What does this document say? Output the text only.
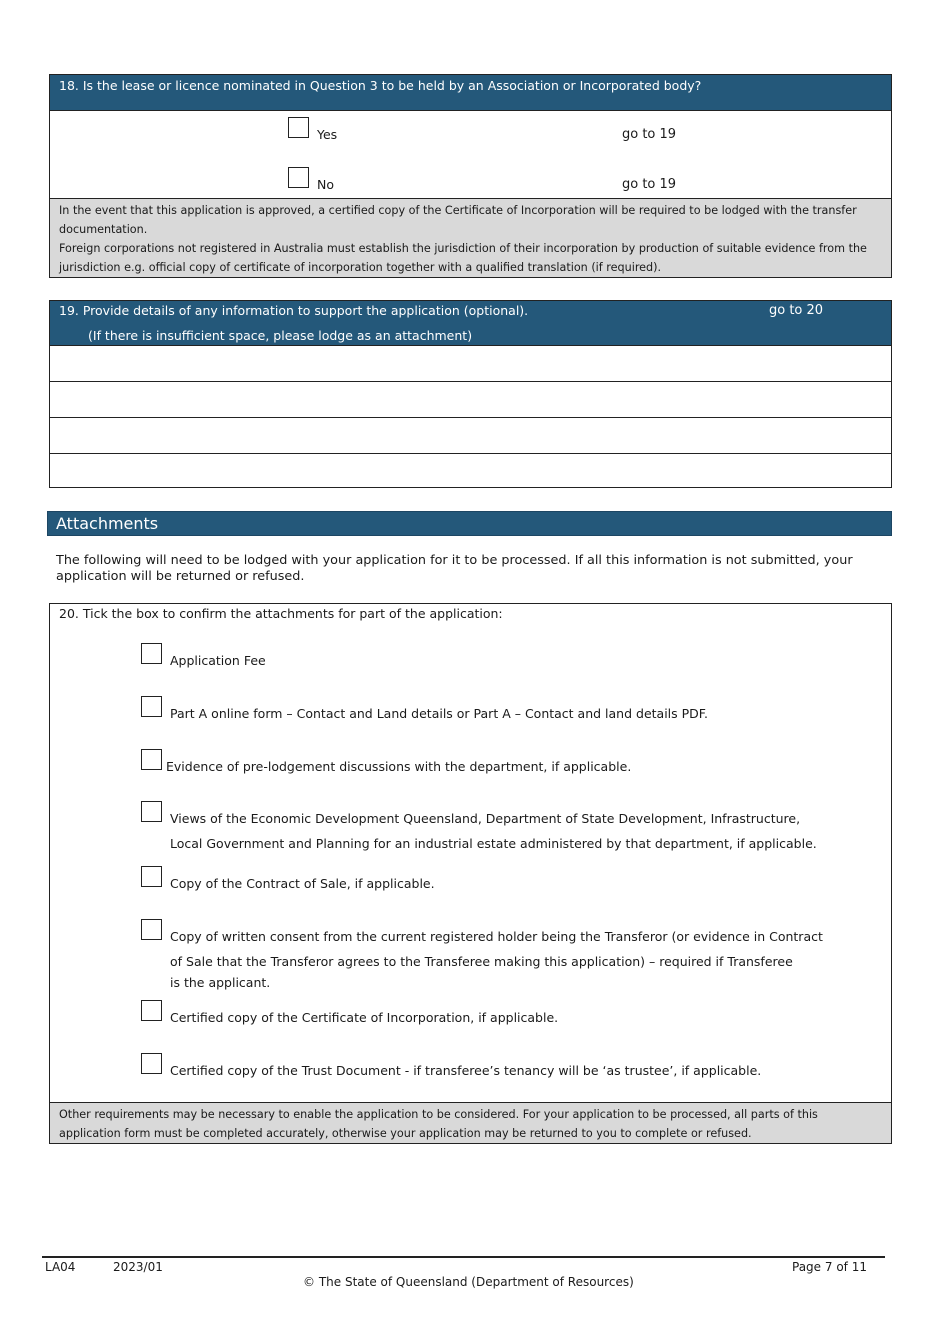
18. Is the lease or licence nominated in Question 3 to be held by an Association or Incorporated body?
Yes	go to 19
No	go to 19
In the event that this application is approved, a certified copy of the Certificate of Incorporation will be required to be lodged with the transfer documentation.
Foreign corporations not registered in Australia must establish the jurisdiction of their incorporation by production of suitable evidence from the jurisdiction e.g. official copy of certificate of incorporation together with a qualified translation (if required).
19. Provide details of any information to support the application (optional).	go to 20
(If there is insufficient space, please lodge as an attachment)
Attachments
The following will need to be lodged with your application for it to be processed. If all this information is not submitted, your application will be returned or refused.
20. Tick the box to confirm the attachments for part of the application:
Application Fee
Part A online form – Contact and Land details or Part A – Contact and land details PDF.
Evidence of pre-lodgement discussions with the department, if applicable.
Views of the Economic Development Queensland, Department of State Development, Infrastructure,
Local Government and Planning for an industrial estate administered by that department, if applicable.
Copy of the Contract of Sale, if applicable.
Copy of written consent from the current registered holder being the Transferor (or evidence in Contract
of Sale that the Transferor agrees to the Transferee making this application) – required if Transferee
is the applicant.
Certified copy of the Certificate of Incorporation, if applicable.
Certified copy of the Trust Document - if transferee’s tenancy will be ‘as trustee’, if applicable.
Other requirements may be necessary to enable the application to be considered. For your application to be processed, all parts of this application form must be completed accurately, otherwise your application may be returned to you to complete or refused.
LA04	2023/01	Page 7 of 11
© The State of Queensland (Department of Resources)
